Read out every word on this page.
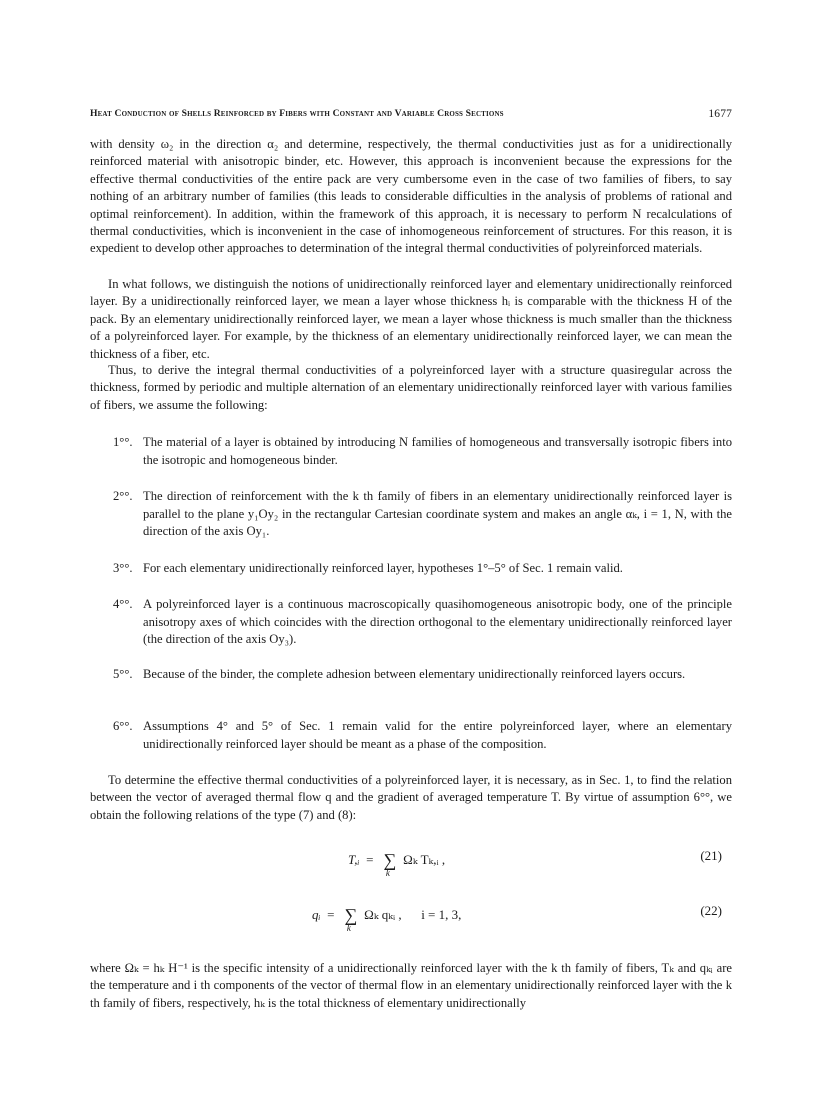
Heat Conduction of Shells Reinforced by Fibers with Constant and Variable Cross Sections	1677

with density ω₂ in the direction α₂ and determine, respectively, the thermal conductivities just as for a unidirectionally reinforced material with anisotropic binder, etc. However, this approach is inconvenient because the expressions for the effective thermal conductivities of the entire pack are very cumbersome even in the case of two families of fibers, to say nothing of an arbitrary number of families (this leads to considerable difficulties in the analysis of problems of rational and optimal reinforcement). In addition, within the framework of this approach, it is necessary to perform N recalculations of thermal conductivities, which is inconvenient in the case of inhomogeneous reinforcement of structures. For this reason, it is expedient to develop other approaches to determination of the integral thermal conductivities of polyreinforced materials.

In what follows, we distinguish the notions of unidirectionally reinforced layer and elementary unidirectionally reinforced layer. By a unidirectionally reinforced layer, we mean a layer whose thickness hᵢ is comparable with the thickness H of the pack. By an elementary unidirectionally reinforced layer, we mean a layer whose thickness is much smaller than the thickness of a polyreinforced layer. For example, by the thickness of an elementary unidirectionally reinforced layer, we can mean the thickness of a fiber, etc.

Thus, to derive the integral thermal conductivities of a polyreinforced layer with a structure quasiregular across the thickness, formed by periodic and multiple alternation of an elementary unidirectionally reinforced layer with various families of fibers, we assume the following:

1°°. The material of a layer is obtained by introducing N families of homogeneous and transversally isotropic fibers into the isotropic and homogeneous binder.

2°°. The direction of reinforcement with the k th family of fibers in an elementary unidirectionally reinforced layer is parallel to the plane y₁Oy₂ in the rectangular Cartesian coordinate system and makes an angle αₖ, i = 1, N, with the direction of the axis Oy₁.

3°°. For each elementary unidirectionally reinforced layer, hypotheses 1°–5° of Sec. 1 remain valid.

4°°. A polyreinforced layer is a continuous macroscopically quasihomogeneous anisotropic body, one of the principle anisotropy axes of which coincides with the direction orthogonal to the elementary unidirectionally reinforced layer (the direction of the axis Oy₃).

5°°. Because of the binder, the complete adhesion between elementary unidirectionally reinforced layers occurs.

6°°. Assumptions 4° and 5° of Sec. 1 remain valid for the entire polyreinforced layer, where an elementary unidirectionally reinforced layer should be meant as a phase of the composition.

To determine the effective thermal conductivities of a polyreinforced layer, it is necessary, as in Sec. 1, to find the relation between the vector of averaged thermal flow q and the gradient of averaged temperature T. By virtue of assumption 6°°, we obtain the following relations of the type (7) and (8):

T,ᵢ  =  ∑
k
Ωₖ Tₖ,ᵢ ,	(21)
qᵢ  =  ∑
k
Ωₖ qₖᵢ , i = 1, 3,	(22)

where Ωₖ = hₖ H⁻¹ is the specific intensity of a unidirectionally reinforced layer with the k th family of fibers, Tₖ and qₖᵢ are the temperature and i th components of the vector of thermal flow in an elementary unidirectionally reinforced layer with the k th family of fibers, respectively, hₖ is the total thickness of elementary unidirectionally
